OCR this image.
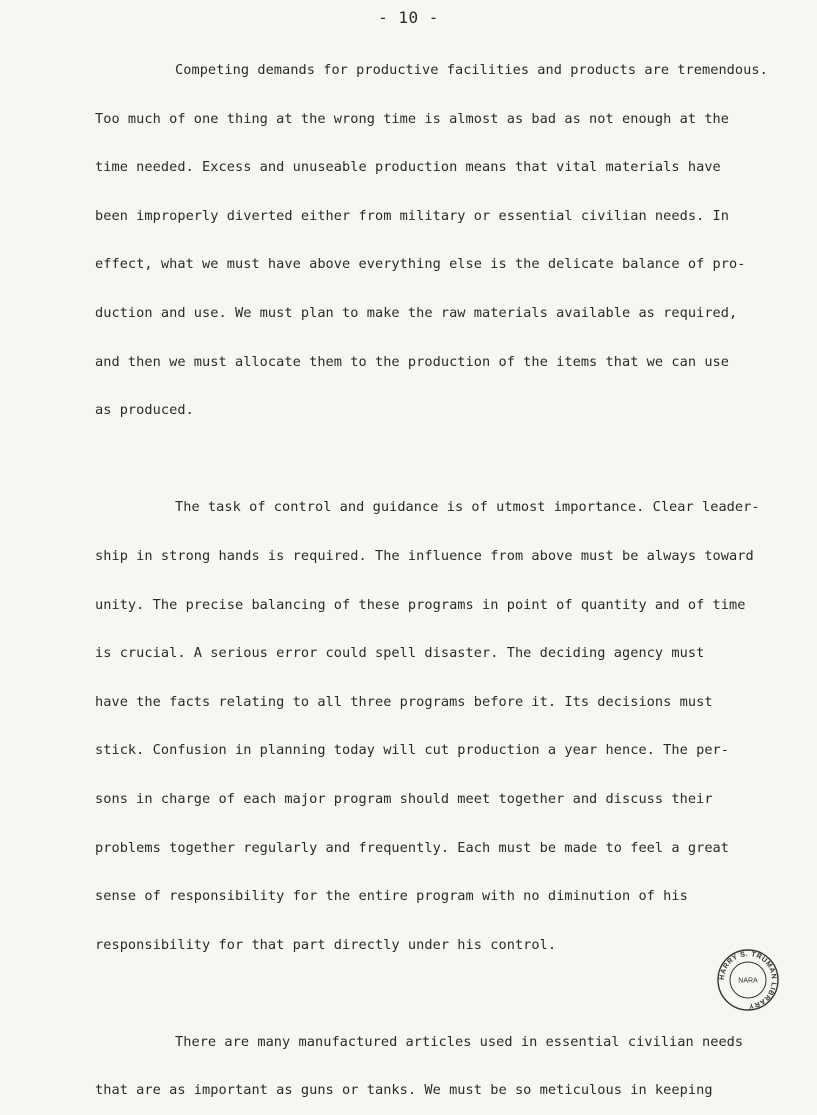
- 10 -
Competing demands for productive facilities and products are tremendous.
Too much of one thing at the wrong time is almost as bad as not enough at the
time needed. Excess and unuseable production means that vital materials have
been improperly diverted either from military or essential civilian needs. In
effect, what we must have above everything else is the delicate balance of pro-
duction and use. We must plan to make the raw materials available as required,
and then we must allocate them to the production of the items that we can use
as produced.
The task of control and guidance is of utmost importance. Clear leader-
ship in strong hands is required. The influence from above must be always toward
unity. The precise balancing of these programs in point of quantity and of time
is crucial. A serious error could spell disaster. The deciding agency must
have the facts relating to all three programs before it. Its decisions must
stick. Confusion in planning today will cut production a year hence. The per-
sons in charge of each major program should meet together and discuss their
problems together regularly and frequently. Each must be made to feel a great
sense of responsibility for the entire program with no diminution of his
responsibility for that part directly under his control.
There are many manufactured articles used in essential civilian needs
that are as important as guns or tanks. We must be so meticulous in keeping
HARRY S. TRUMAN LIBRARY
NARA
